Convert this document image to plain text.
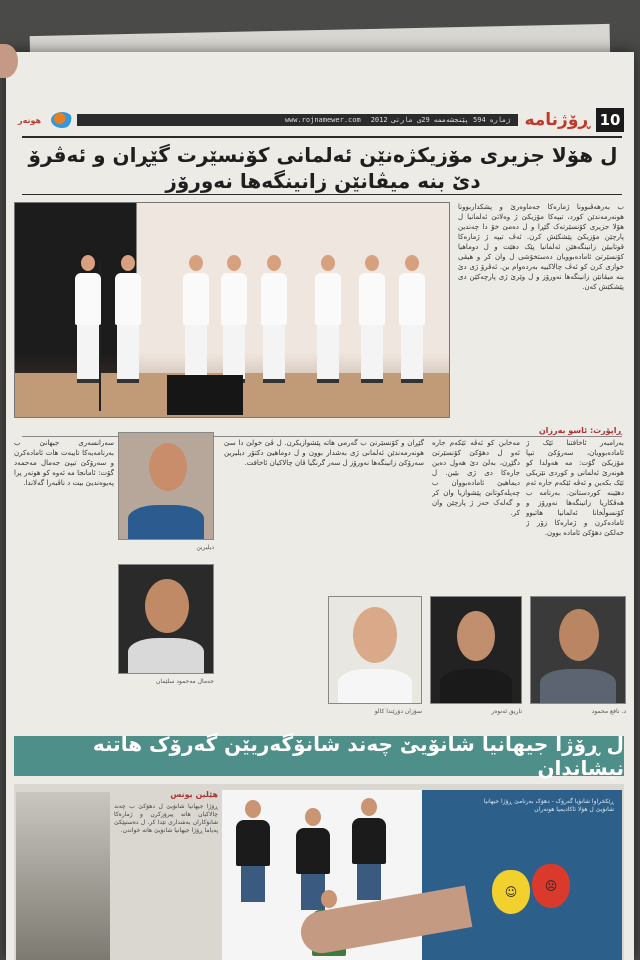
هونەر	www.rojnamewer.com ژمارە 594 پێنجشەممە 29ی مارتی 2012 ڕۆژنامە 10
ل هۆلا جزیری مۆزیکژەنێن ئەلمانی کۆنسێرت گێڕان و ئەڤرۆ دێ بنە میڤانێن زانینگەها نەورۆز

ب بەرهەڤبوونا ژمارەکا جەماوەرێ و پشکداربوونا هونەرمەندێن کورد، تیپەکا مۆزیکێ ژ وەلاتێ ئەلمانیا ل هۆلا جزیری کۆنسێرتەک گێڕا و ل دەمێ خۆ دا چەندین پارچێن مۆزیکێ پێشکێش کرن. ئەڤ تیپە ژ ژمارەکا قوتابیێن زانینگەهێن ئەلمانیا پێک دهێت و ل دوماهیا کۆنسێرتێ ئامادەبوویان دەستخۆشی ل وان کر و هیڤی خوازی کرن کو ئەڤ چالاکییە بەردەوام بن. ئەڤرۆ ژی دێ بنە میڤانێن زانینگەها نەورۆز و ل وێرێ ژی پارچەکێن دی پێشکێش کەن.

ڕاپۆرت: ئاسو بەرزان

بەرامبەر ئاخافتنا ئێک ژ ئامادەبوویان، سەرۆکێ تیپا مۆزیکێ گۆت: مە هەولدا کو هونەرێ ئەلمانی و کوردی نێزیکی ئێک بکەین و ئەڤە ئێکەم جارە ئەم دهێینە کوردستانێ. بەرنامە ب هەڤکاریا زانینگەها نەورۆز و کۆنسوڵخانا ئەلمانیا هاتبوو ئامادەکرن و ژمارەکا زۆر ژ خەلکێ دهۆکێ ئامادە بوون.

مەخابن کو ئەڤە ئێکەم جارە ئەو ل دهۆکێ کۆنسێرتێ دگێڕن، بەلێ دێ هەول دەین جارەکا دی ژی بێین. ل دیماهیێ ئامادەبووان ب چەپلەکوتانێ پێشوازیا وان کر و گەلەک حەز ژ پارچێن وان کر.

گێڕان و کۆنسێرتێ ب گەرمی هاتە پێشوازیکرن. ل ڤێ خولێ دا سێ هونەرمەندێن ئەلمانی ژی بەشدار بوون و ل دوماهیێ دکتۆر دیلیرین سەرۆکێ زانینگەها نەورۆز ل سەر گرنگیا ڤان چالاکیان ئاخافت.

سەرانسەری جیهانێ ب بەرنامەیەکا تایبەت هات ئامادەکرن و سەرۆکێ تیپێ جەمال مەحمەد گۆت: ئامانجا مە ئەوە کو هونەر پرا پەیوەندیێ بیت د ناڤبەرا گەلاندا.

دیلیرین
جەمال مەحمود سلێمان
سۆزان دۆرێندا کالو	تاریق ئەنوەر	د. نافع محمود
ل ڕۆژا جیهانیا شانۆیێ چەند شانۆگەریێن گەرۆک هاتنە نیشاندان
هێلین یونس

ڕۆژا جیهانیا شانۆیێ ل دهۆکێ ب چەند چالاکیان هاتە پیرۆزکرن و ژمارەکا شانۆکاران بەشداری تێدا کر. ل دەستپێکێ پەیاما ڕۆژا جیهانیا شانۆیێ هاتە خواندن.

ڕێکخراوا شانۆیا گەرۆک - دهۆک بەرنامێ ڕۆژا جیهانیا شانۆیێ ل هۆلا ئاکادیمیا هونەران

☺	☹
